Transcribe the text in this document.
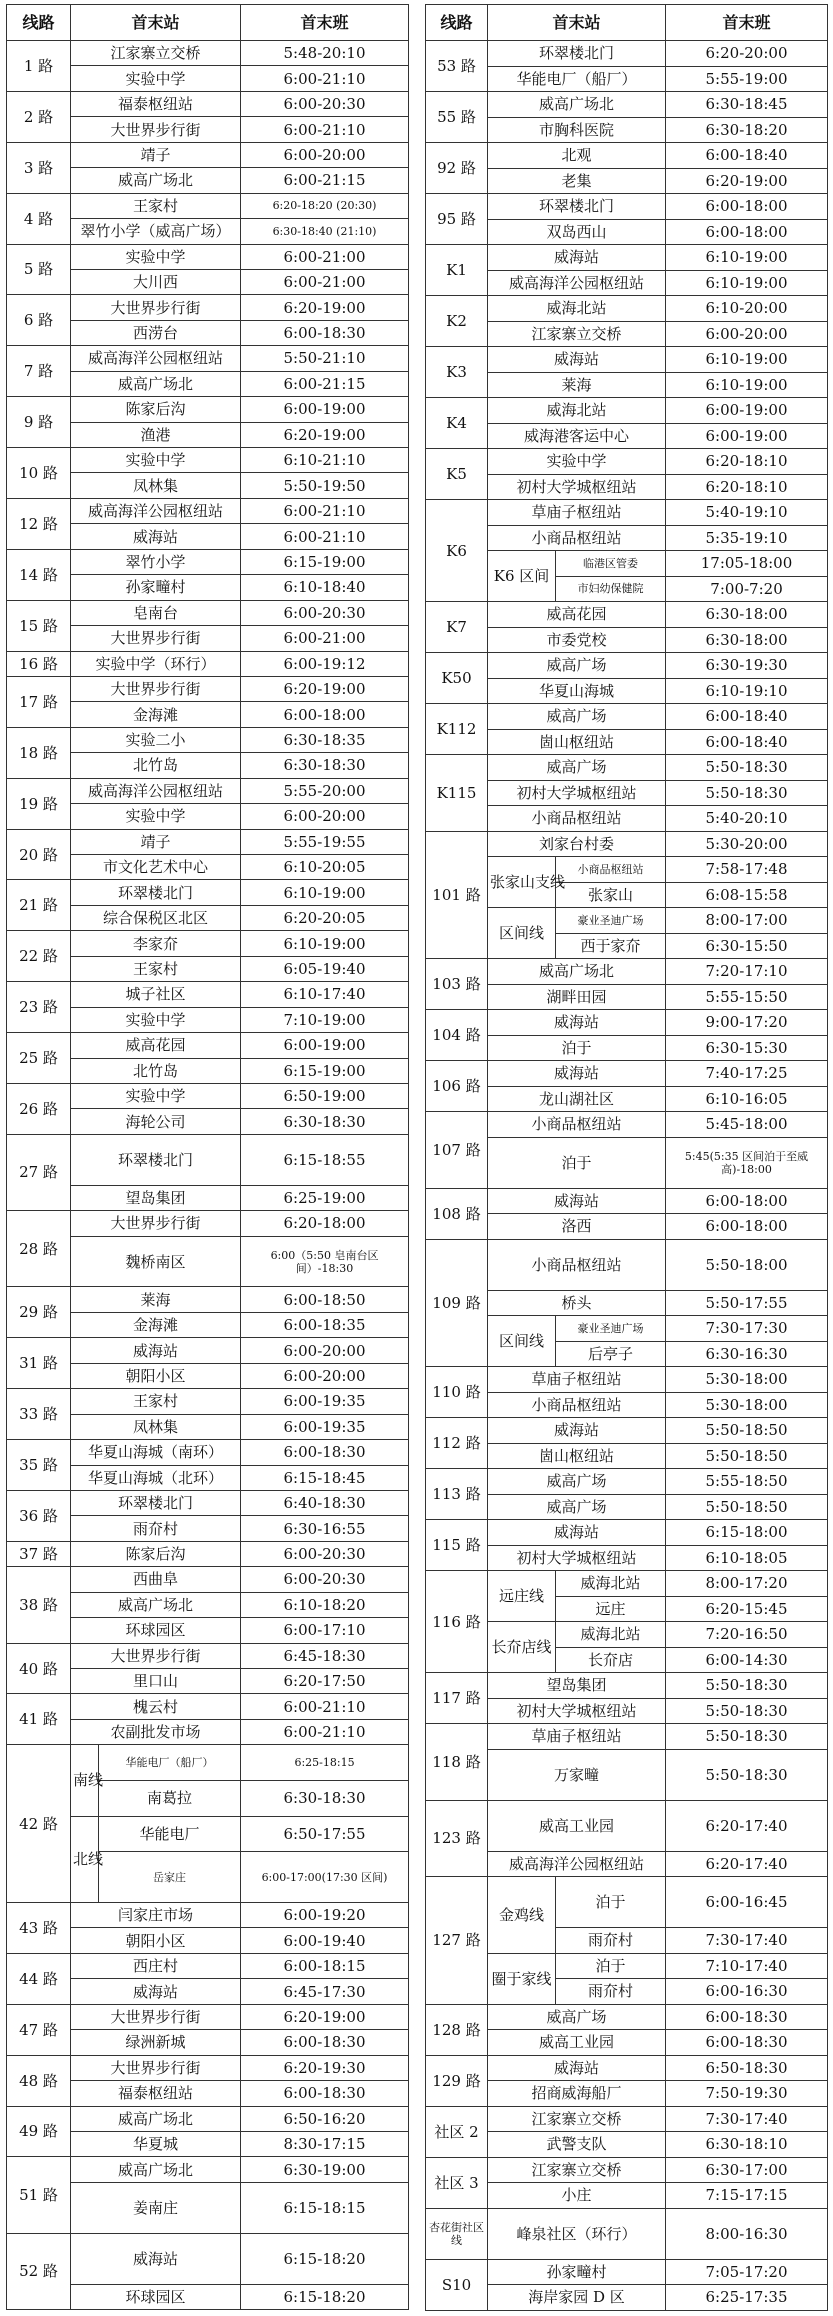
线路	首末站		首末班
1 路	江家寨立交桥		5:48-20:10
	实验中学		6:00-21:10
2 路	福泰枢纽站		6:00-20:30
	大世界步行街		6:00-21:10
3 路	靖子		6:00-20:00
	威高广场北		6:00-21:15
4 路	王家村		6:20-18:20 (20:30)
	翠竹小学（威高广场）		6:30-18:40 (21:10)
5 路	实验中学		6:00-21:00
	大川西		6:00-21:00
6 路	大世界步行街		6:20-19:00
	西涝台		6:00-18:30
7 路	威高海洋公园枢纽站		5:50-21:10
	威高广场北		6:00-21:15
9 路	陈家后沟		6:00-19:00
	渔港		6:20-19:00
10 路	实验中学		6:10-21:10
	凤林集		5:50-19:50
12 路	威高海洋公园枢纽站		6:00-21:10
	威海站		6:00-21:10
14 路	翠竹小学		6:15-19:00
	孙家疃村		6:10-18:40
15 路	皂南台		6:00-20:30
	大世界步行街		6:00-21:00
16 路	实验中学（环行）		6:00-19:12
17 路	大世界步行街		6:20-19:00
	金海滩		6:00-18:00
18 路	实验二小		6:30-18:35
	北竹岛		6:30-18:30
19 路	威高海洋公园枢纽站		5:55-20:00
	实验中学		6:00-20:00
20 路	靖子		5:55-19:55
	市文化艺术中心		6:10-20:05
21 路	环翠楼北门		6:10-19:00
	综合保税区北区		6:20-20:05
22 路	李家夼		6:10-19:00
	王家村		6:05-19:40
23 路	城子社区		6:10-17:40
	实验中学		7:10-19:00
25 路	威高花园		6:00-19:00
	北竹岛		6:15-19:00
26 路	实验中学		6:50-19:00
	海轮公司		6:30-18:30
27 路	环翠楼北门		6:15-18:55
	望岛集团		6:25-19:00
28 路	大世界步行街		6:20-18:00
	魏桥南区		6:00（5:50 皂南台区间）-18:30
29 路	莱海		6:00-18:50
	金海滩		6:00-18:35
31 路	威海站		6:00-20:00
	朝阳小区		6:00-20:00
33 路	王家村		6:00-19:35
	凤林集		6:00-19:35
35 路	华夏山海城（南环）		6:00-18:30
	华夏山海城（北环）		6:15-18:45
36 路	环翠楼北门		6:40-18:30
	雨夼村		6:30-16:55
37 路	陈家后沟		6:00-20:30
38 路	西曲阜		6:00-20:30
	威高广场北		6:10-18:20
	环球园区		6:00-17:10
40 路	大世界步行街		6:45-18:30
	里口山		6:20-17:50
41 路	槐云村		6:00-21:10
	农副批发市场		6:00-21:10
42 路	南线	华能电厂（船厂）	6:25-18:15
		南葛拉	6:30-18:30
	北线	华能电厂	6:50-17:55
		岳家庄	6:00-17:00(17:30 区间)
43 路	闫家庄市场		6:00-19:20
	朝阳小区		6:00-19:40
44 路	西庄村		6:00-18:15
	威海站		6:45-17:30
47 路	大世界步行街		6:20-19:00
	绿洲新城		6:00-18:30
48 路	大世界步行街		6:20-19:30
	福泰枢纽站		6:00-18:30
49 路	威高广场北		6:50-16:20
	华夏城		8:30-17:15
51 路	威高广场北		6:30-19:00
	姜南庄		6:15-18:15
52 路	威海站		6:15-18:20
	环球园区		6:15-18:20
线路	首末站		首末班
53 路	环翠楼北门		6:20-20:00
	华能电厂（船厂）		5:55-19:00
55 路	威高广场北		6:30-18:45
	市胸科医院		6:30-18:20
92 路	北观		6:00-18:40
	老集		6:20-19:00
95 路	环翠楼北门		6:00-18:00
	双岛西山		6:00-18:00
K1	威海站		6:10-19:00
	威高海洋公园枢纽站		6:10-19:00
K2	威海北站		6:10-20:00
	江家寨立交桥		6:00-20:00
K3	威海站		6:10-19:00
	莱海		6:10-19:00
K4	威海北站		6:00-19:00
	威海港客运中心		6:00-19:00
K5	实验中学		6:20-18:10
	初村大学城枢纽站		6:20-18:10
K6	草庙子枢纽站		5:40-19:10
	小商品枢纽站		5:35-19:10
	K6 区间	临港区管委	17:05-18:00
		市妇幼保健院	7:00-7:20
K7	威高花园		6:30-18:00
	市委党校		6:30-18:00
K50	威高广场		6:30-19:30
	华夏山海城		6:10-19:10
K112	威高广场		6:00-18:40
	崮山枢纽站		6:00-18:40
K115	威高广场		5:50-18:30
	初村大学城枢纽站		5:50-18:30
	小商品枢纽站		5:40-20:10
101 路	刘家台村委		5:30-20:00
	张家山支线	小商品枢纽站	7:58-17:48
		张家山	6:08-15:58
	区间线	豪业圣迪广场	8:00-17:00
		西于家夼	6:30-15:50
103 路	威高广场北		7:20-17:10
	湖畔田园		5:55-15:50
104 路	威海站		9:00-17:20
	泊于		6:30-15:30
106 路	威海站		7:40-17:25
	龙山湖社区		6:10-16:05
107 路	小商品枢纽站		5:45-18:00
	泊于		5:45(5:35 区间泊于至威高)-18:00
108 路	威海站		6:00-18:00
	洛西		6:00-18:00
109 路	小商品枢纽站		5:50-18:00
	桥头		5:50-17:55
	区间线	豪业圣迪广场	7:30-17:30
		后亭子	6:30-16:30
110 路	草庙子枢纽站		5:30-18:00
	小商品枢纽站		5:30-18:00
112 路	威海站		5:50-18:50
	崮山枢纽站		5:50-18:50
113 路	威高广场		5:55-18:50
	威高广场		5:50-18:50
115 路	威海站		6:15-18:00
	初村大学城枢纽站		6:10-18:05
116 路	远庄线	威海北站	8:00-17:20
		远庄	6:20-15:45
	长夼店线	威海北站	7:20-16:50
		长夼店	6:00-14:30
117 路	望岛集团		5:50-18:30
	初村大学城枢纽站		5:50-18:30
118 路	草庙子枢纽站		5:50-18:30
	万家疃		5:50-18:30
123 路	威高工业园		6:20-17:40
	威高海洋公园枢纽站		6:20-17:40
127 路	金鸡线	泊于	6:00-16:45
		雨夼村	7:30-17:40
	圈于家线	泊于	7:10-17:40
		雨夼村	6:00-16:30
128 路	威高广场		6:00-18:30
	威高工业园		6:00-18:30
129 路	威海站		6:50-18:30
	招商威海船厂		7:50-19:30
社区 2	江家寨立交桥		7:30-17:40
	武警支队		6:30-18:10
社区 3	江家寨立交桥		6:30-17:00
	小庄		7:15-17:15
杏花街社区线	峰泉社区（环行）		8:00-16:30
S10	孙家疃村		7:05-17:20
	海岸家园 D 区		6:25-17:35
